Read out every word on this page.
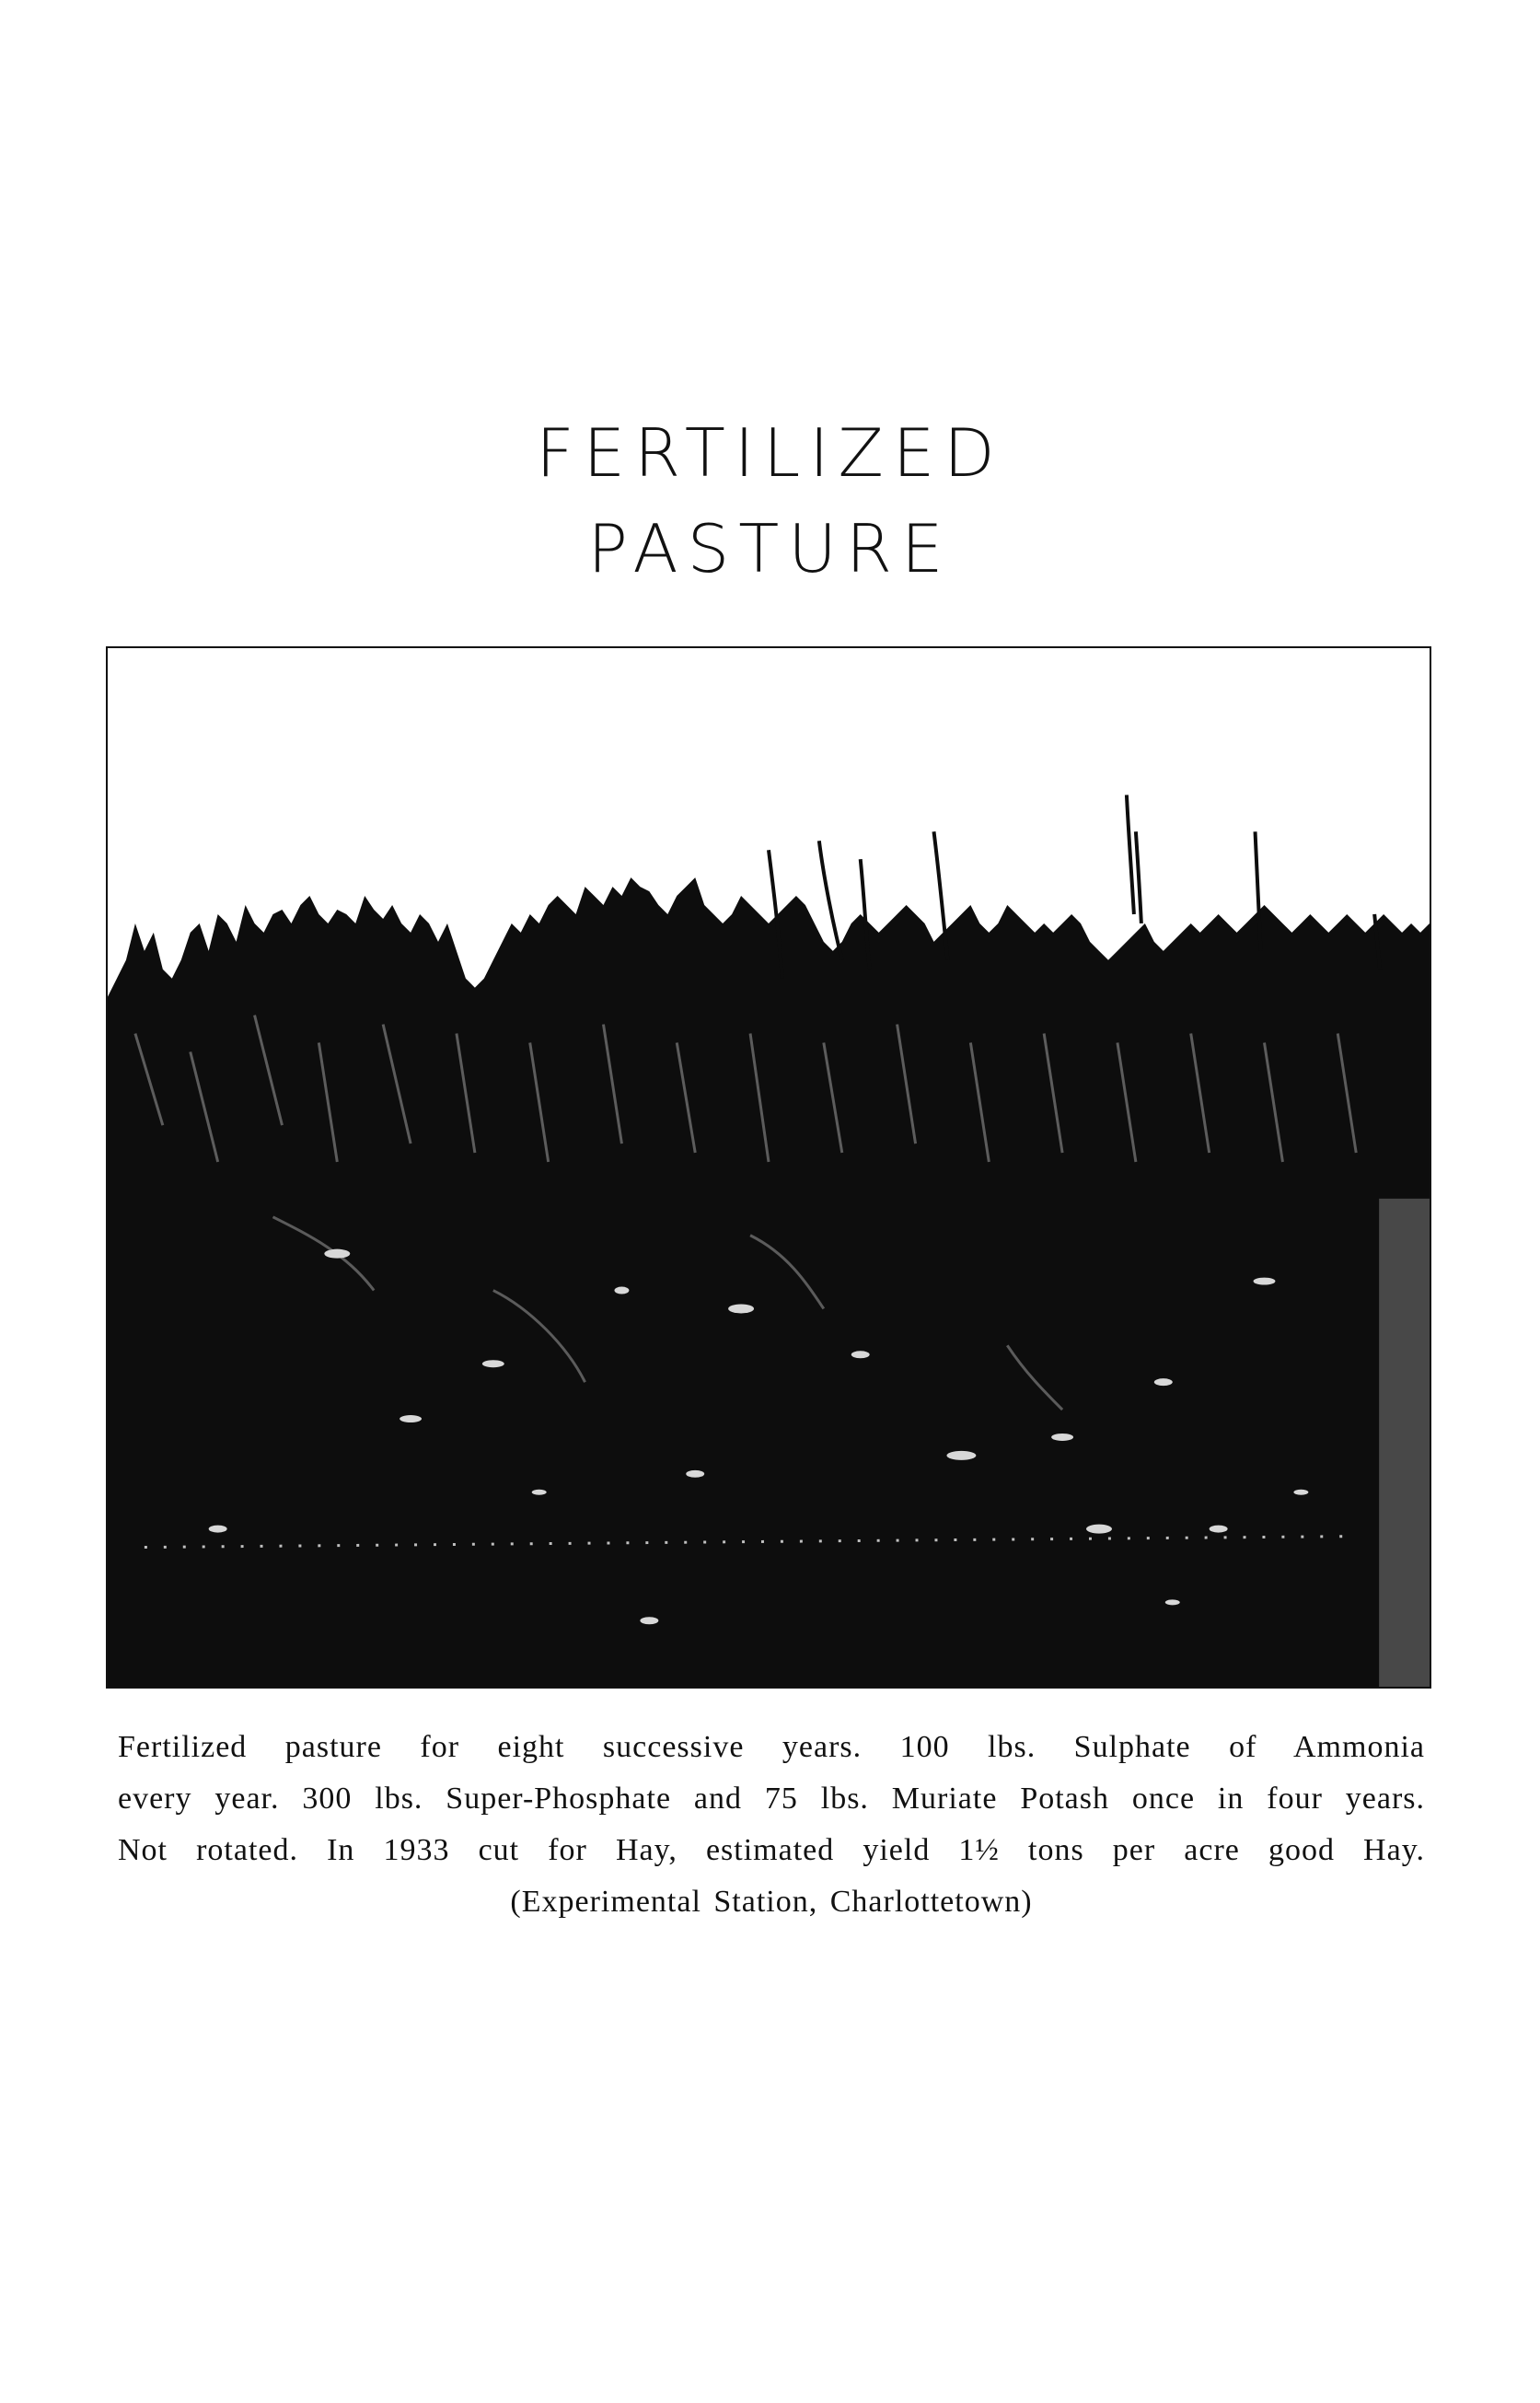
FERTILIZED
PASTURE
Fertilized pasture for eight successive years. 100 lbs. Sulphate of Ammonia
every year. 300 lbs. Super-Phosphate and 75 lbs. Muriate Potash once in four years.
Not rotated. In 1933 cut for Hay, estimated yield 1½ tons per acre good Hay.
(Experimental Station, Charlottetown)
